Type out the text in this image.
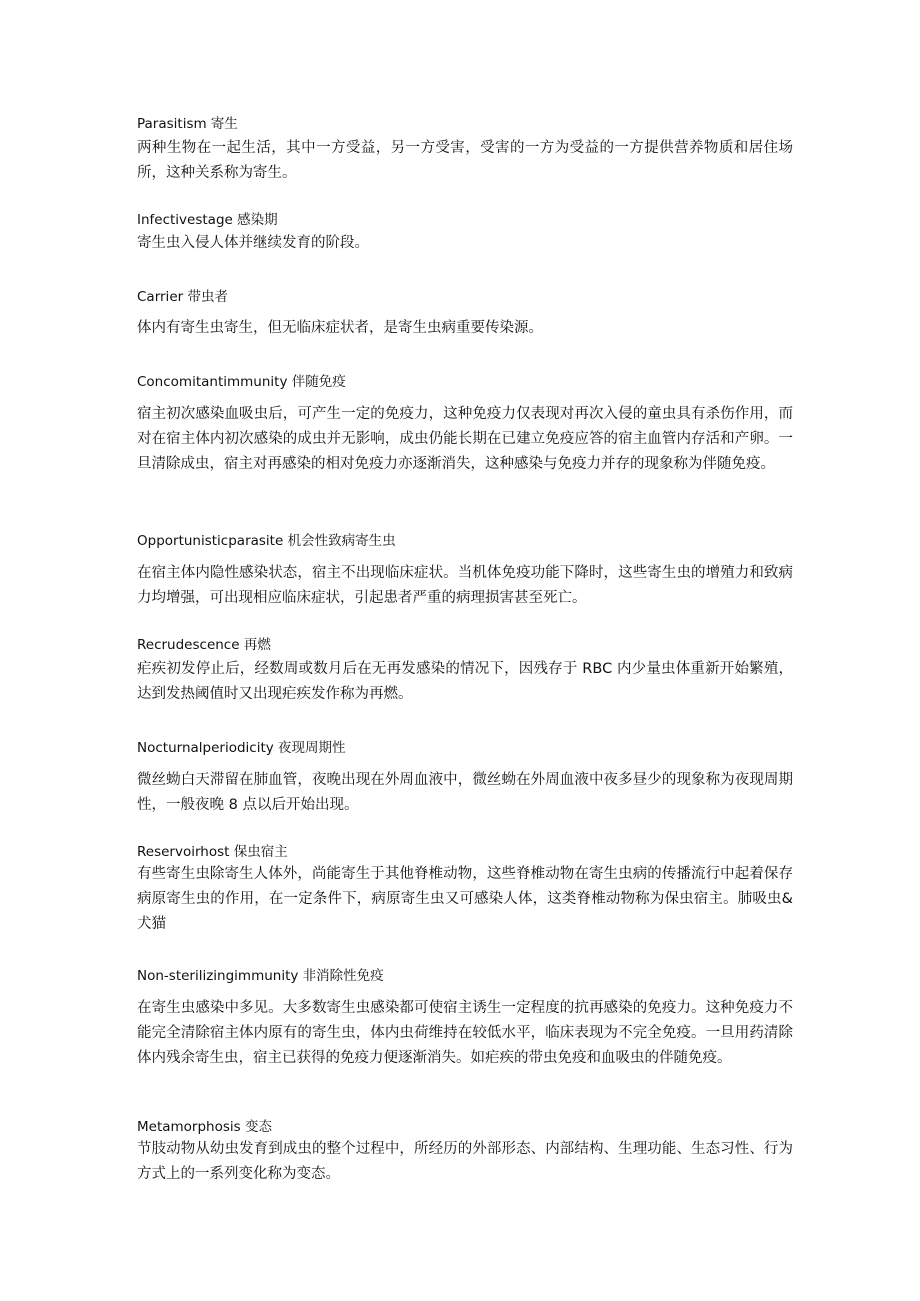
Parasitism 寄生
两种生物在一起生活，其中一方受益，另一方受害，受害的一方为受益的一方提供营养物质和居住场所，这种关系称为寄生。
Infectivestage 感染期
寄生虫入侵人体并继续发育的阶段。
Carrier 带虫者
体内有寄生虫寄生，但无临床症状者，是寄生虫病重要传染源。
Concomitantimmunity 伴随免疫
宿主初次感染血吸虫后，可产生一定的免疫力，这种免疫力仅表现对再次入侵的童虫具有杀伤作用，而对在宿主体内初次感染的成虫并无影响，成虫仍能长期在已建立免疫应答的宿主血管内存活和产卵。一旦清除成虫，宿主对再感染的相对免疫力亦逐渐消失，这种感染与免疫力并存的现象称为伴随免疫。
Opportunisticparasite 机会性致病寄生虫
在宿主体内隐性感染状态，宿主不出现临床症状。当机体免疫功能下降时，这些寄生虫的增殖力和致病力均增强，可出现相应临床症状，引起患者严重的病理损害甚至死亡。
Recrudescence 再燃
疟疾初发停止后，经数周或数月后在无再发感染的情况下，因残存于 RBC 内少量虫体重新开始繁殖，达到发热阈值时又出现疟疾发作称为再燃。
Nocturnalperiodicity 夜现周期性
微丝蚴白天滞留在肺血管，夜晚出现在外周血液中，微丝蚴在外周血液中夜多昼少的现象称为夜现周期性，一般夜晚 8 点以后开始出现。
Reservoirhost 保虫宿主
有些寄生虫除寄生人体外，尚能寄生于其他脊椎动物，这些脊椎动物在寄生虫病的传播流行中起着保存病原寄生虫的作用，在一定条件下，病原寄生虫又可感染人体，这类脊椎动物称为保虫宿主。肺吸虫&犬猫
Non-sterilizingimmunity 非消除性免疫
在寄生虫感染中多见。大多数寄生虫感染都可使宿主诱生一定程度的抗再感染的免疫力。这种免疫力不能完全清除宿主体内原有的寄生虫，体内虫荷维持在较低水平，临床表现为不完全免疫。一旦用药清除体内残余寄生虫，宿主已获得的免疫力便逐渐消失。如疟疾的带虫免疫和血吸虫的伴随免疫。
Metamorphosis 变态
节肢动物从幼虫发育到成虫的整个过程中，所经历的外部形态、内部结构、生理功能、生态习性、行为方式上的一系列变化称为变态。
